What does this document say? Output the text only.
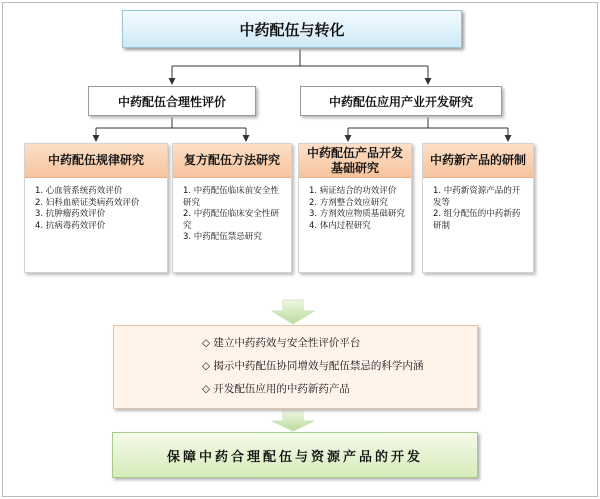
中药配伍与转化
中药配伍合理性评价	中药配伍应用产业开发研究
中药配伍规律研究
1. 心血管系统药效评价
2. 妇科血瘀证类病药效评价
3. 抗肿瘤药效评价
4. 抗病毒药效评价
复方配伍方法研究
1. 中药配伍临床前安全性研究
2. 中药配伍临床安全性研究
3. 中药配伍禁忌研究
中药配伍产品开发基础研究
1. 病证结合的功效评价
2. 方剂整合效应研究
3. 方剂效应物质基础研究
4. 体内过程研究
中药新产品的研制
1. 中药新资源产品的开发等
2. 组分配伍的中药新药研制
◇ 建立中药药效与安全性评价平台
◇ 揭示中药配伍协同增效与配伍禁忌的科学内涵
◇ 开发配伍应用的中药新药产品
保障中药合理配伍与资源产品的开发
